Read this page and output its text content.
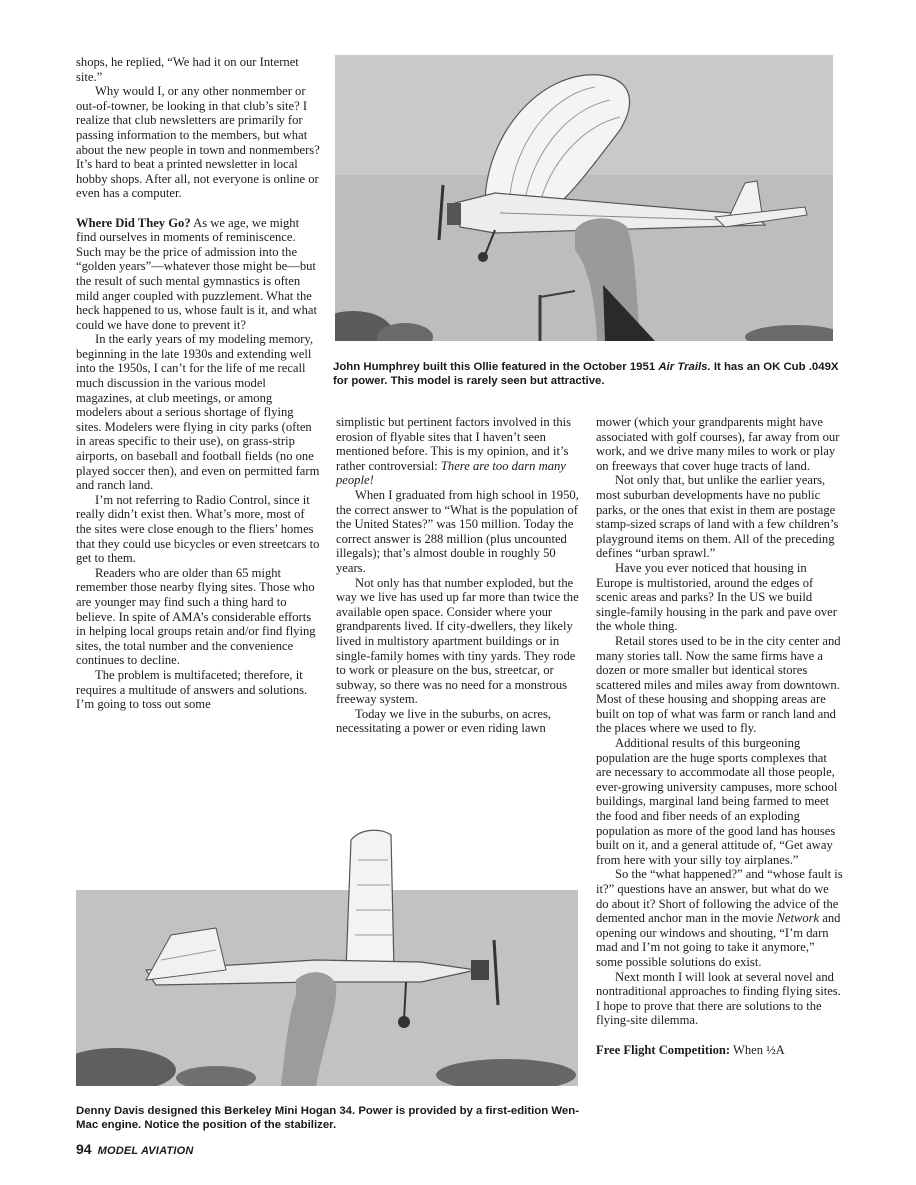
shops, he replied, “We had it on our Internet site.”

Why would I, or any other nonmember or out-of-towner, be looking in that club’s site? I realize that club newsletters are primarily for passing information to the members, but what about the new people in town and nonmembers? It’s hard to beat a printed newsletter in local hobby shops. After all, not everyone is online or even has a computer.

Where Did They Go? As we age, we might find ourselves in moments of reminiscence. Such may be the price of admission into the “golden years”—whatever those might be—but the result of such mental gymnastics is often mild anger coupled with puzzlement. What the heck happened to us, whose fault is it, and what could we have done to prevent it?

In the early years of my modeling memory, beginning in the late 1930s and extending well into the 1950s, I can’t for the life of me recall much discussion in the various model magazines, at club meetings, or among modelers about a serious shortage of flying sites. Modelers were flying in city parks (often in areas specific to their use), on grass-strip airports, on baseball and football fields (no one played soccer then), and even on permitted farm and ranch land.

I’m not referring to Radio Control, since it really didn’t exist then. What’s more, most of the sites were close enough to the fliers’ homes that they could use bicycles or even streetcars to get to them.

Readers who are older than 65 might remember those nearby flying sites. Those who are younger may find such a thing hard to believe. In spite of AMA’s considerable efforts in helping local groups retain and/or find flying sites, the total number and the convenience continues to decline.

The problem is multifaceted; therefore, it requires a multitude of answers and solutions. I’m going to toss out some

John Humphrey built this Ollie featured in the October 1951 Air Trails. It has an OK Cub .049X for power. This model is rarely seen but attractive.

simplistic but pertinent factors involved in this erosion of flyable sites that I haven’t seen mentioned before. This is my opinion, and it’s rather controversial: There are too darn many people!

When I graduated from high school in 1950, the correct answer to “What is the population of the United States?” was 150 million. Today the correct answer is 288 million (plus uncounted illegals); that’s almost double in roughly 50 years.

Not only has that number exploded, but the way we live has used up far more than twice the available open space. Consider where your grandparents lived. If city-dwellers, they likely lived in multistory apartment buildings or in single-family homes with tiny yards. They rode to work or pleasure on the bus, streetcar, or subway, so there was no need for a monstrous freeway system.

Today we live in the suburbs, on acres, necessitating a power or even riding lawn

mower (which your grandparents might have associated with golf courses), far away from our work, and we drive many miles to work or play on freeways that cover huge tracts of land.

Not only that, but unlike the earlier years, most suburban developments have no public parks, or the ones that exist in them are postage stamp-sized scraps of land with a few children’s playground items on them. All of the preceding defines “urban sprawl.”

Have you ever noticed that housing in Europe is multistoried, around the edges of scenic areas and parks? In the US we build single-family housing in the park and pave over the whole thing.

Retail stores used to be in the city center and many stories tall. Now the same firms have a dozen or more smaller but identical stores scattered miles and miles away from downtown. Most of these housing and shopping areas are built on top of what was farm or ranch land and the places where we used to fly.

Additional results of this burgeoning population are the huge sports complexes that are necessary to accommodate all those people, ever-growing university campuses, more school buildings, marginal land being farmed to meet the food and fiber needs of an exploding population as more of the good land has houses built on it, and a general attitude of, “Get away from here with your silly toy airplanes.”

So the “what happened?” and “whose fault is it?” questions have an answer, but what do we do about it? Short of following the advice of the demented anchor man in the movie Network and opening our windows and shouting, “I’m darn mad and I’m not going to take it anymore,” some possible solutions do exist.

Next month I will look at several novel and nontraditional approaches to finding flying sites. I hope to prove that there are solutions to the flying-site dilemma.

Free Flight Competition: When ½A

Denny Davis designed this Berkeley Mini Hogan 34. Power is provided by a first-edition Wen-Mac engine. Notice the position of the stabilizer.
94 MODEL AVIATION
